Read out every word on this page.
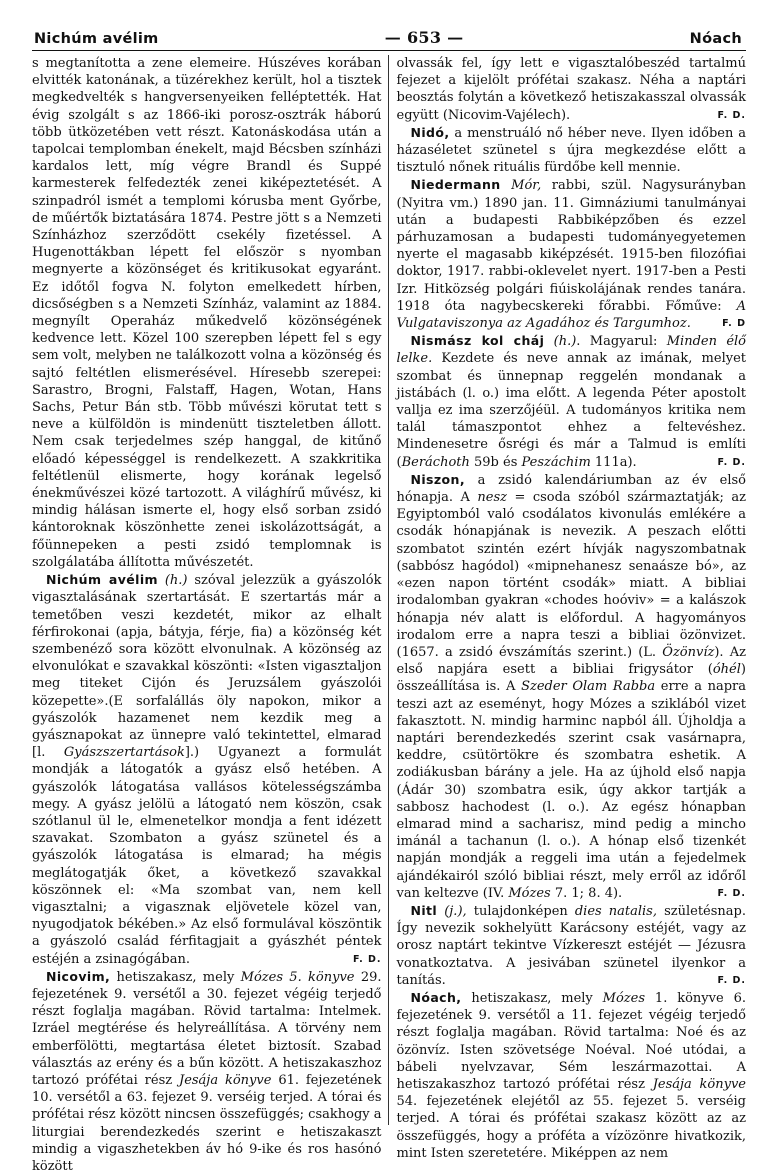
Nichúm avélim	— 653 —	Nóach

s megtanította a zene elemeire. Húszéves korában elvitték katonának, a tüzérekhez került, hol a tisztek megkedvelték s hangversenyeiken felléptették. Hat évig szolgált s az 1866-iki porosz-osztrák háború több ütközetében vett részt. Katonáskodása után a tapolcai templomban énekelt, majd Bécsben színházi kardalos lett, míg végre Brandl és Suppé karmesterek felfedezték zenei kiképeztetését. A szinpadról ismét a templomi kórusba ment Győrbe, de műértők biztatására 1874. Pestre jött s a Nemzeti Színházhoz szerződött csekély fizetéssel. A Hugenottákban lépett fel először s nyomban megnyerte a közönséget és kritikusokat egyaránt. Ez időtől fogva N. folyton emelkedett hírben, dicsőségben s a Nemzeti Színház, valamint az 1884. megnyílt Operaház műkedvelő közönségének kedvence lett. Közel 100 szerepben lépett fel s egy sem volt, melyben ne találkozott volna a közönség és sajtó feltétlen elismerésével. Híresebb szerepei: Sarastro, Brogni, Falstaff, Hagen, Wotan, Hans Sachs, Petur Bán stb. Több művészi körutat tett s neve a külföldön is mindenütt tiszteletben állott. Nem csak terjedelmes szép hanggal, de kitűnő előadó képességgel is rendelkezett. A szakkritika feltétlenül elismerte, hogy korának legelső énekművészei közé tartozott. A világhírű művész, ki mindig hálásan ismerte el, hogy első sorban zsidó kántoroknak köszönhette zenei iskolázottságát, a főünnepeken a pesti zsidó templomnak is szolgálatába állította művészetét.

Nichúm avélim (h.) szóval jelezzük a gyászolók vigasztalásának szertartását. E szertartás már a temetőben veszi kezdetét, mikor az elhalt férfirokonai (apja, bátyja, férje, fia) a közönség két szembenéző sora között elvonulnak. A közönség az elvonulókat e szavakkal köszönti: «Isten vigasztaljon meg titeket Cijón és Jeruzsálem gyászolói közepette».(E sorfalállás öly napokon, mikor a gyászolók hazamenet nem kezdik meg a gyásznapokat az ünnepre való tekintettel, elmarad [l. Gyászszertartások].) Ugyanezt a formulát mondják a látogatók a gyász első hetében. A gyászolók látogatása vallásos kötelességszámba megy. A gyász jelölü a látogató nem köszön, csak szótlanul ül le, elmenetelkor mondja a fent idézett szavakat. Szombaton a gyász szünetel és a gyászolók látogatása is elmarad; ha mégis meglátogatják őket, a következő szavakkal köszönnek el: «Ma szombat van, nem kell vigasztalni; a vigasznak eljövetele közel van, nyugodjatok békében.» Az első formulával köszöntik a gyászoló család férfitagjait a gyászhét péntek estéjén a zsinagógában.	F. D.

Nicovim, hetiszakasz, mely Mózes 5. könyve 29. fejezetének 9. versétől a 30. fejezet végéig terjedő részt foglalja magában. Rövid tartalma: Intelmek. Izráel megtérése és helyreállítása. A törvény nem emberfölötti, megtartása életet biztosít. Szabad választás az erény és a bűn között. A hetiszakaszhoz tartozó prófétai rész Jesája könyve 61. fejezetének 10. versétől a 63. fejezet 9. verséig terjed. A tórai és prófétai rész között nincsen összefüggés; csakhogy a liturgiai berendezkedés szerint e hetiszakaszt mindig a vigaszhetekben áv hó 9-ike és ros hasónó között

olvassák fel, így lett e vigasztalóbeszéd tartalmú fejezet a kijelölt prófétai szakasz. Néha a naptári beosztás folytán a következő hetiszakasszal olvassák együtt (Nicovim-Vajélech).	F. D.

Nidó, a menstruáló nő héber neve. Ilyen időben a házaséletet szünetel s újra megkezdése előtt a tisztuló nőnek rituális fürdőbe kell mennie.

Niedermann Mór, rabbi, szül. Nagysurányban (Nyitra vm.) 1890 jan. 11. Gimnáziumi tanulmányai után a budapesti Rabbiképzőben és ezzel párhuzamosan a budapesti tudományegyetemen nyerte el magasabb kiképzését. 1915-ben filozófiai doktor, 1917. rabbi-oklevelet nyert. 1917-ben a Pesti Izr. Hitközség polgári fiúiskolájának rendes tanára. 1918 óta nagybecskereki főrabbi. Főműve: A Vulgataviszonya az Agadához és Targumhoz.	F. D

Nismász kol cháj (h.). Magyarul: Minden élő lelke. Kezdete és neve annak az imának, melyet szombat és ünnepnap reggelén mondanak a jistábách (l. o.) ima előtt. A legenda Péter apostolt vallja ez ima szerzőjéül. A tudományos kritika nem talál támaszpontot ehhez a feltevéshez. Mindenesetre ősrégi és már a Talmud is említi (Beráchoth 59b és Peszáchim 111a).	F. D.

Niszon, a zsidó kalendáriumban az év első hónapja. A nesz = csoda szóból származtatják; az Egyiptomból való csodálatos kivonulás emlékére a csodák hónapjának is nevezik. A peszach előtti szombatot szintén ezért hívják nagyszombatnak (sabbósz hagódol) «mipnehanesz senaásze bó», az «ezen napon történt csodák» miatt. A bibliai irodalomban gyakran «chodes hoóviv» = a kalászok hónapja név alatt is előfordul. A hagyományos irodalom erre a napra teszi a bibliai özönvizet. (1657. a zsidó évszámítás szerint.) (L. Özönvíz). Az első napjára esett a bibliai frigysátor (óhél) összeállítása is. A Szeder Olam Rabba erre a napra teszi azt az eseményt, hogy Mózes a sziklából vizet fakasztott. N. mindig harminc napból áll. Újholdja a naptári berendezkedés szerint csak vasárnapra, keddre, csütörtökre és szombatra eshetik. A zodiákusban bárány a jele. Ha az újhold első napja (Ádár 30) szombatra esik, úgy akkor tartják a sabbosz hachodest (l. o.). Az egész hónapban elmarad mind a sacharisz, mind pedig a mincho imánál a tachanun (l. o.). A hónap első tizenkét napján mondják a reggeli ima után a fejedelmek ajándékairól szóló bibliai részt, mely erről az időről van keltezve (IV. Mózes 7. 1; 8. 4).	F. D.

Nitl (j.), tulajdonképen dies natalis, születésnap. Így nevezik sokhelyütt Karácsony estéjét, vagy az orosz naptárt tekintve Vízkereszt estéjét — Jézusra vonatkoztatva. A jesivában szünetel ilyenkor a tanítás.	F. D.

Nóach, hetiszakasz, mely Mózes 1. könyve 6. fejezetének 9. versétől a 11. fejezet végéig terjedő részt foglalja magában. Rövid tartalma: Noé és az özönvíz. Isten szövetsége Noéval. Noé utódai, a bábeli nyelvzavar, Sém leszármazottai. A hetiszakaszhoz tartozó prófétai rész Jesája könyve 54. fejezetének elejétől az 55. fejezet 5. verséig terjed. A tórai és prófétai szakasz között az az összefüggés, hogy a próféta a vízözönre hivatkozik, mint Isten szeretetére. Miképpen az nem
